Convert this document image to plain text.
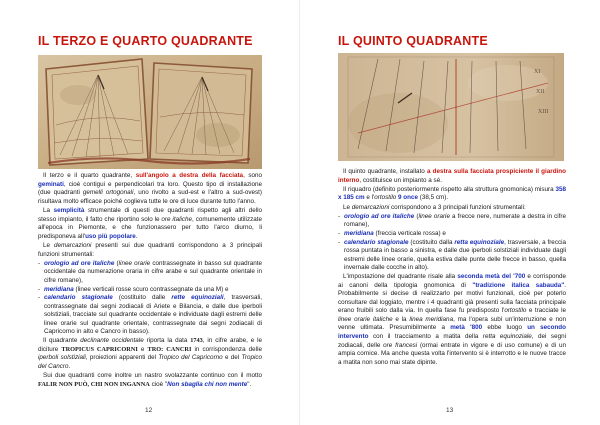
IL TERZO E QUARTO QUADRANTE

Il terzo e il quarto quadrante, sull'angolo a destra della facciata, sono geminati, cioè contigui e perpendicolari tra loro. Questo tipo di installazione (due quadranti gemelli ortogonali, uno rivolto a sud-est e l'altro a sud-ovest) risultava molto efficace poiché coglieva tutte le ore di luce durante tutto l'anno.

La semplicità strumentale di questi due quadranti rispetto agli altri dello stesso impianto, il fatto che riportino solo le ore italiche, comunemente utilizzate all'epoca in Piemonte, e che funzionassero per tutto l'arco diurno, li predisponeva all'uso più popolare.

Le demarcazioni presenti sui due quadranti corrispondono a 3 principali funzioni strumentali:

- orologio ad ore italiche (linee orarie contrassegnate in basso sul quadrante occidentale da numerazione oraria in cifre arabe e sul quadrante orientale in cifre romane),
- meridiana (linee verticali rosse scuro contrassegnate da una M) e
- calendario stagionale (costituito dalle rette equinoziali, trasversali, contrassegnate dai segni zodiacali di Ariete e Bilancia, e dalle due iperboli solstiziali, tracciate sul quadrante occidentale e individuate dagli estremi delle linee orarie sul quadrante orientale, contrassegnate dai segni zodiacali di Capricorno in alto e Cancro in basso).

Il quadrante declinante occidentale riporta la data 1743, in cifre arabe, e le diciture TROPICUS CAPRICORNI e TRO: CANCRI in corrispondenza delle iperboli solstiziali, proiezioni apparenti del Tropico del Capricorno e del Tropico del Cancro.

Sui due quadranti corre inoltre un nastro svolazzante continuo con il motto FALIR NON PUÒ, CHI NON INGANNA cioè "Non sbaglia chi non mente".

12
IL QUINTO QUADRANTE
XI
XII
XIII

Il quinto quadrante, installato a destra sulla facciata prospiciente il giardino interno, costituisce un impianto a sé.

Il riquadro (definito posteriormente rispetto alla struttura gnomonica) misura 358 x 185 cm e l'ortostilo 9 once (38,5 cm).

Le demarcazioni corrispondono a 3 principali funzioni strumentali:

- orologio ad ore italiche (linee orarie a frecce nere, numerate a destra in cifre romane),
- meridiana (freccia verticale rossa) e
- calendario stagionale (costituito dalla retta equinoziale, trasversale, a freccia rossa puntata in basso a sinistra, e dalle due iperboli solstiziali individuate dagli estremi delle linee orarie, quella estiva dalle punte delle frecce in basso, quella invernale dalle cocche in alto).

L'impostazione del quadrante risale alla seconda metà del '700 e corrisponde ai canoni della tipologia gnomonica di "tradizione italica sabauda". Probabilmente si decise di realizzarlo per motivi funzionali, cioè per poterlo consultare dal loggiato, mentre i 4 quadranti già presenti sulla facciata principale erano fruibili solo dalla via. In quella fase fu predisposto l'ortostilo e tracciate le linee orarie italiche e la linea meridiana, ma l'opera subì un'interruzione e non venne ultimata. Presumibilmente a metà '800 ebbe luogo un secondo intervento con il tracciamento a matita della retta equinoziale, dei segni zodiacali, delle ore francesi (ormai entrate in vigore e di uso comune) e di un ampia cornice. Ma anche questa volta l'intervento si è interrotto e le nuove tracce a matita non sono mai state dipinte.

13
